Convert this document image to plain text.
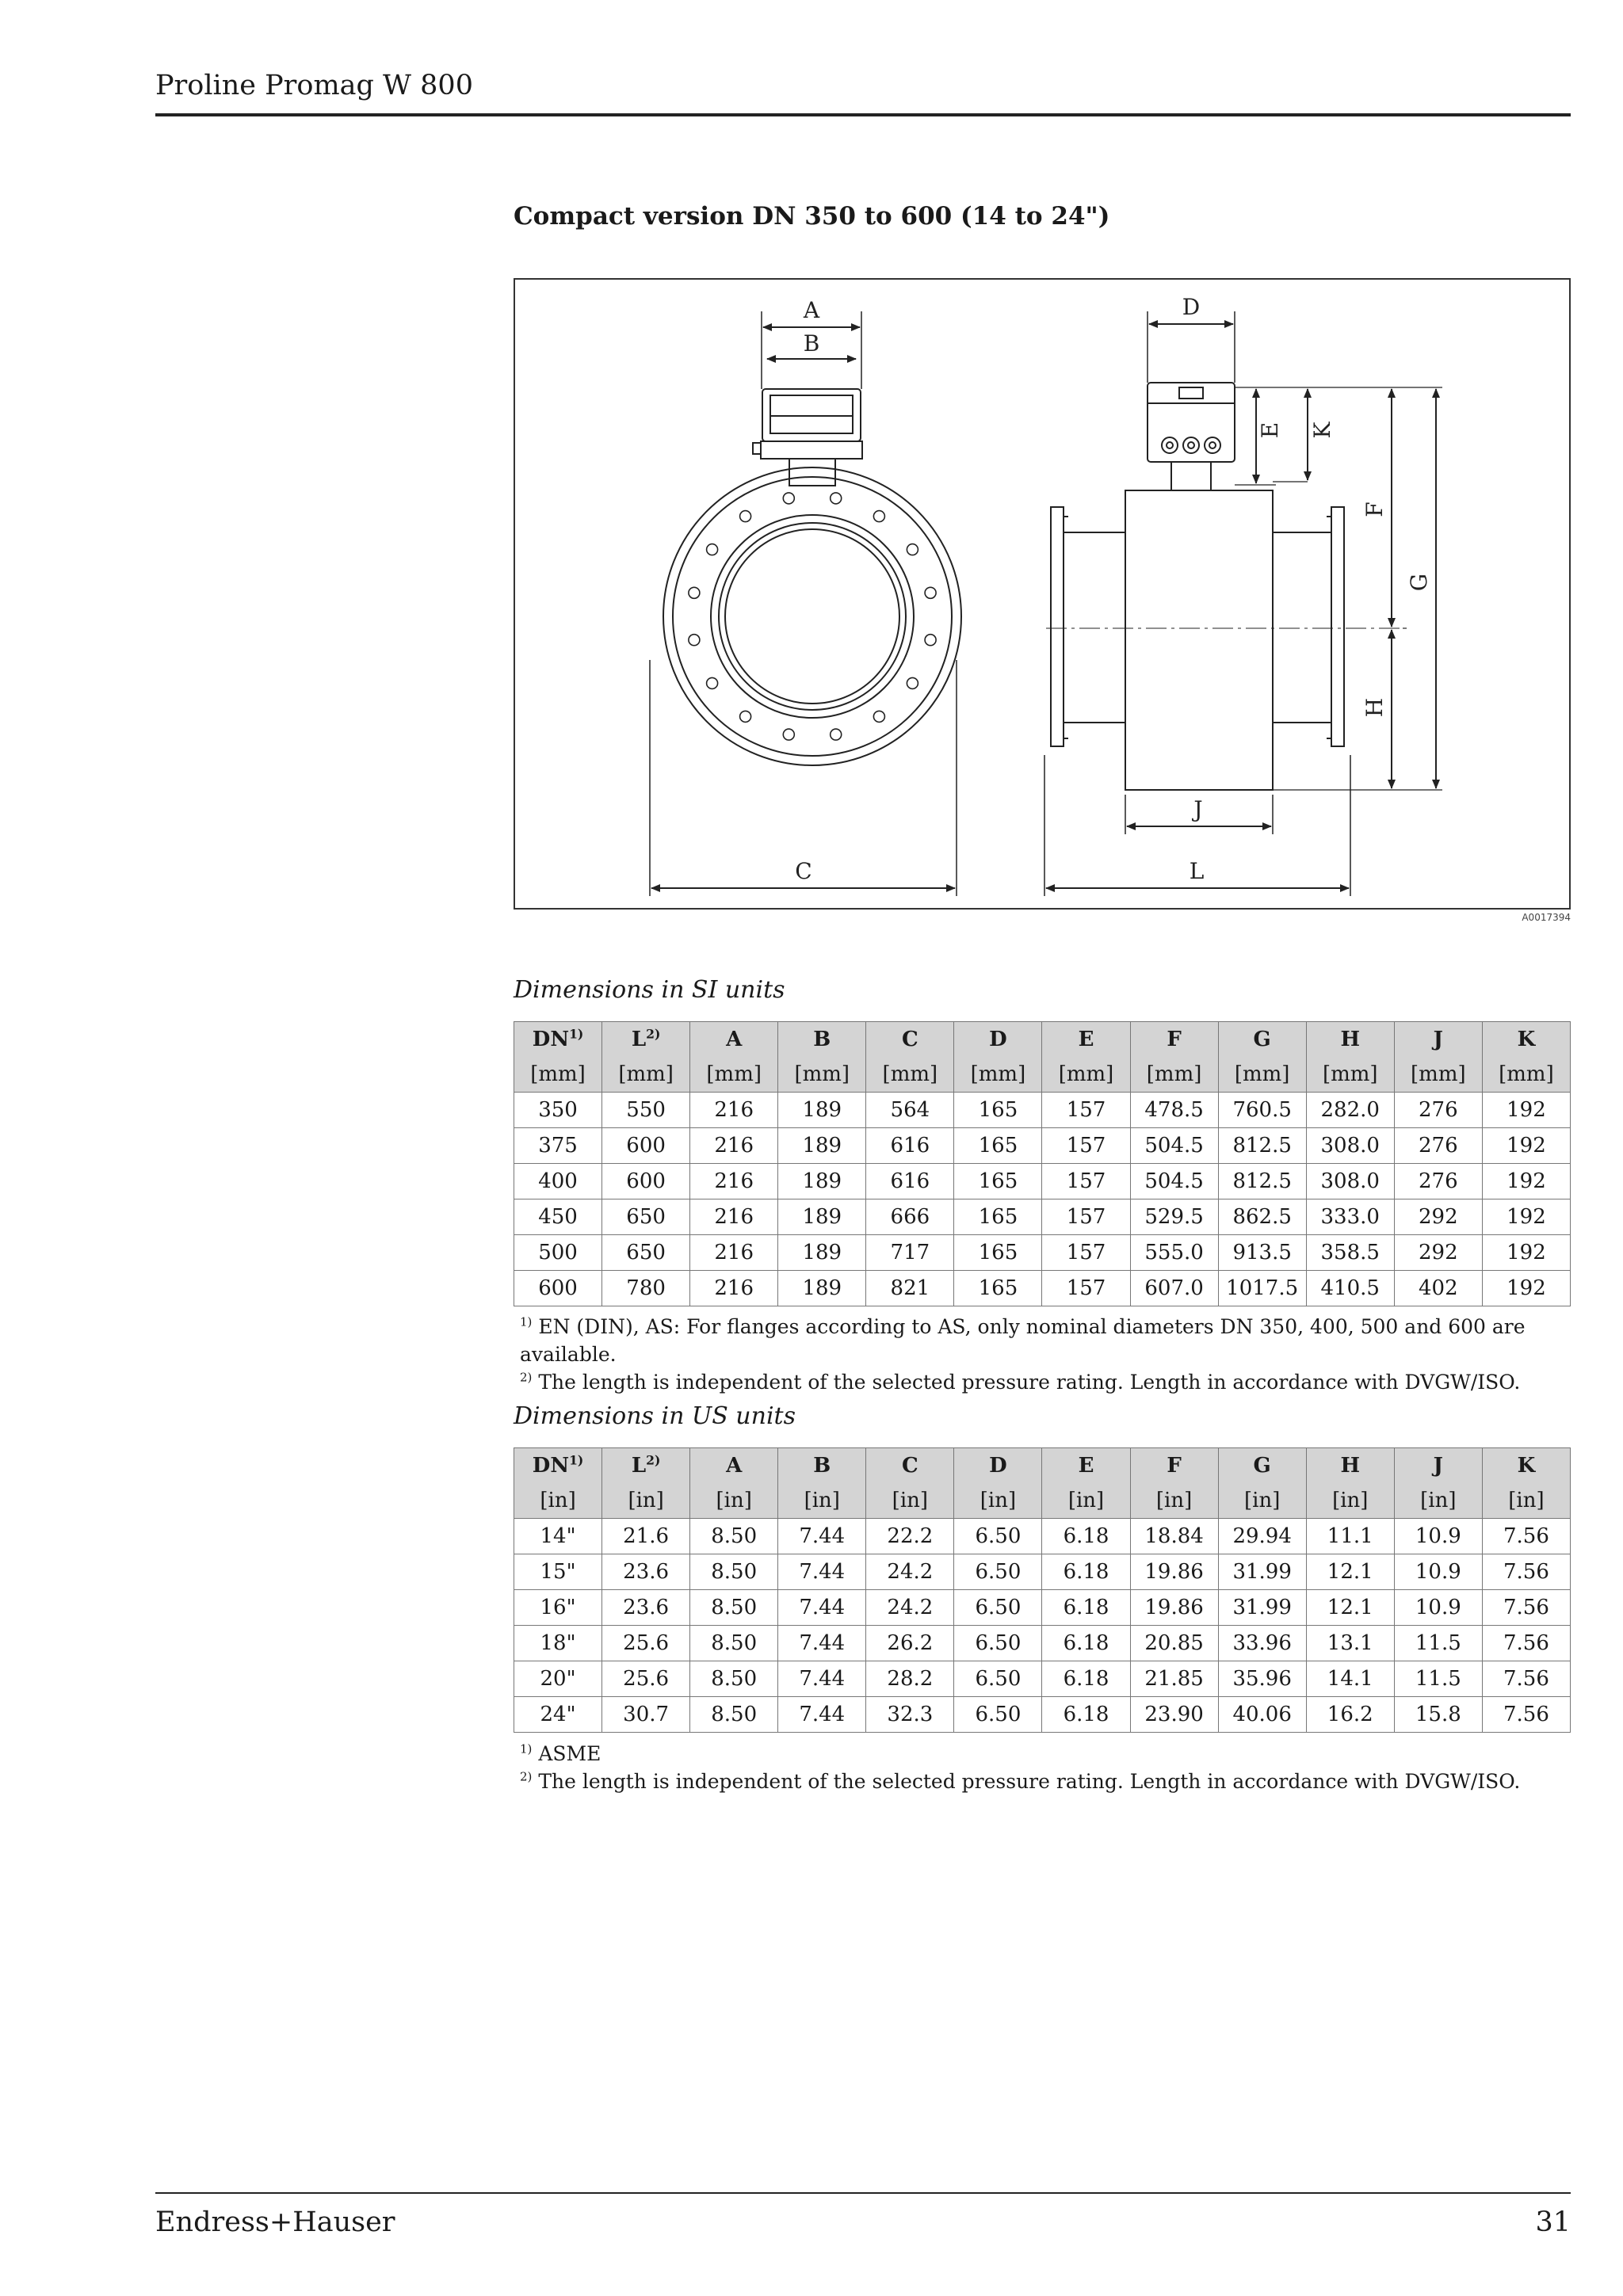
Proline Promag W 800
Compact version DN 350 to 600 (14 to 24")
A
B
C
D
J
L
E K
F
H
G
A0017394
Dimensions in SI units
DN$^{1)}$	$L^{2)}$	A	B	C	D	E	F	G	H	J	K
[mm]	[mm]	[mm]	[mm]	[mm]	[mm]	[mm]	[mm]	[mm]	[mm]	[mm]	[mm]
350	550	216	189	564	165	157	478.5	760.5	282.0	276	192
375	600	216	189	616	165	157	504.5	812.5	308.0	276	192
400	600	216	189	616	165	157	504.5	812.5	308.0	276	192
450	650	216	189	666	165	157	529.5	862.5	333.0	292	192
500	650	216	189	717	165	157	555.0	913.5	358.5	292	192
600	780	216	189	821	165	157	607.0	1017.5	410.5	402	192
$^{1)}$ EN (DIN), AS: For flanges according to AS, only nominal diameters DN 350, 400, 500 and 600 are available.
$^{2)}$ The length is independent of the selected pressure rating. Length in accordance with DVGW/ISO.
Dimensions in US units
DN$^{1)}$	$L^{2)}$	A	B	C	D	E	F	G	H	J	K
[in]	[in]	[in]	[in]	[in]	[in]	[in]	[in]	[in]	[in]	[in]	[in]
14"	21.6	8.50	7.44	22.2	6.50	6.18	18.84	29.94	11.1	10.9	7.56
15"	23.6	8.50	7.44	24.2	6.50	6.18	19.86	31.99	12.1	10.9	7.56
16"	23.6	8.50	7.44	24.2	6.50	6.18	19.86	31.99	12.1	10.9	7.56
18"	25.6	8.50	7.44	26.2	6.50	6.18	20.85	33.96	13.1	11.5	7.56
20"	25.6	8.50	7.44	28.2	6.50	6.18	21.85	35.96	14.1	11.5	7.56
24"	30.7	8.50	7.44	32.3	6.50	6.18	23.90	40.06	16.2	15.8	7.56
$^{1)}$ ASME
$^{2)}$ The length is independent of the selected pressure rating. Length in accordance with DVGW/ISO.
Endress+Hauser	31
